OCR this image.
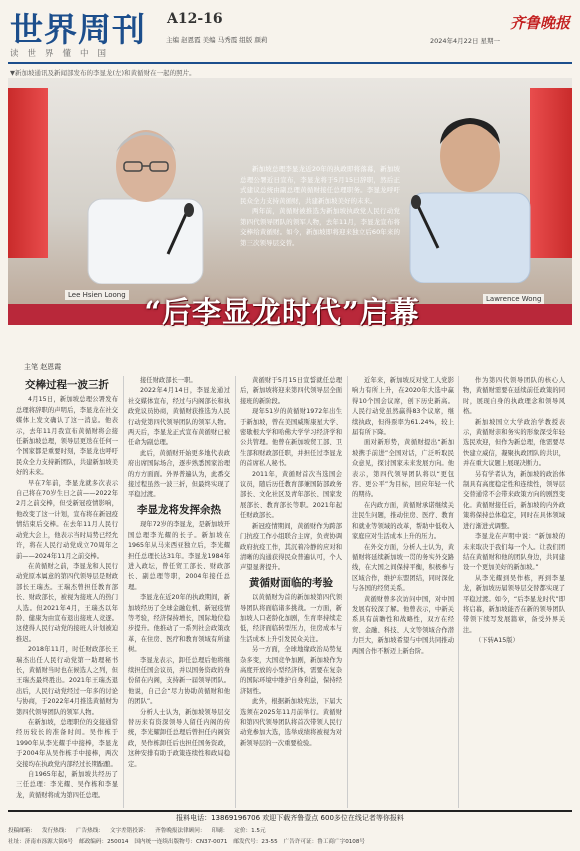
世界周刊
读世界懂中国
A12-16
主编 赵恩霞 美编 马秀霞 组版 颜莉
齐鲁晚报
2024年4月22日 星期一
▼新加坡通讯及新闻部发布的李显龙(左)和黄循财在一起的照片。
Lee Hsien Loong	Lawrence Wong
新加坡总理李显龙近20年的执政即将落幕，新加坡总理公署近日宣布，李显龙将于5月15日辞职，然后正式建议总统由副总理黄循财接任总理职务。李显龙呼吁民众全力支持黄循财，共建新加坡美好的未来。
两年前，黄循财被推选为新加坡执政党人民行动党第四代领导团队的领军人物，去年11月，李显龙宣布将交棒给黄循财。如今，新加坡即将迎来独立后60年来的第三次领导层交替。
“后李显龙时代”启幕
主笔 赵恩霞
交棒过程一波三折

4月15日，新加坡总理公署发布总理将辞职的声明后，李显龙在社交媒体上发文确认了这一消息。他表示，去年11月我宣布黄循财将会接任新加坡总理，领导层更迭在任何一个国家都是重要时刻，李显龙也呼吁民众全力支持新团队，共建新加坡美好的未来。

早在7年前，李显龙就多次表示自己将在70岁生日之前——2022年2月之前交棒，但受新冠疫情影响，他改变了这一计划，宣布将在新冠疫情结束后交棒。在去年11月人民行动党大会上，他表示当时局势已经允许，将在人民行动党成立70周年之前——2024年11月之前交棒。

在黄循财之前，李显龙和人民行动党原本属意的第四代领导层是财政部长王瑞杰。王瑞杰曾担任教育部长、财政部长，被视为接班人的热门人选。但2021年4月，王瑞杰以年龄、健康为由宣布退出接班人竞逐。这使得人民行动党的接班人计划被迫推迟。

2018年11月，时任财政部长王瑞杰出任人民行动党第一助理秘书长，黄循财当时也在候选人之列，但王瑞杰最终胜出。2021年王瑞杰退出后，人民行动党经过一年多的讨论与协商，于2022年4月推选黄循财为第四代领导团队的领军人物。

在新加坡，总理职位的交接通常经历较长的准备时间。吴作栋于1990年从李光耀手中接棒，李显龙于2004年从吴作栋手中接棒，两次交接均在执政党内部经过长期酝酿。

自1965年起，新加坡共经历了三任总理：李光耀、吴作栋和李显龙，黄循财将成为第四任总理。

接任财政部长一职。

2022年4月14日，李显龙通过社交媒体宣布，经过与内阁部长和执政党议员协商，黄循财获推选为人民行动党第四代领导团队的领军人物。两天后，李显龙正式宣布黄循财已被任命为副总理。

此后，黄循财开始更多地代表政府出席国际场合，逐步熟悉国家治理的方方面面。外界普遍认为，此番交接过程虽然一波三折，但最终实现了平稳过渡。

李显龙将发挥余热

现年72岁的李显龙，是新加坡开国总理李光耀的长子。新加坡在1965年从马来西亚独立后，李光耀担任总理长达31年。李显龙1984年进入政坛，曾任贸工部长、财政部长、副总理等职，2004年接任总理。

李显龙在近20年的执政期间，新加坡经历了全球金融危机、新冠疫情等考验，经济保持增长，国际地位稳步提升。他推动了一系列社会政策改革，在住房、医疗和教育领域有所建树。

李显龙表示，卸任总理后他将继续担任国会议员，并以国务资政的身份留在内阁，支持新一届领导团队。他说，自己会“尽力协助黄循财和他的团队”。

分析人士认为，新加坡领导层交替历来有资深领导人留任内阁的传统，李光耀卸任总理后曾担任内阁资政，吴作栋卸任后也担任国务资政，这种安排有助于政策连续性和政局稳定。

黄循财于5月15日宣誓就任总理后，新加坡将迎来第四代领导层全面接班的新阶段。

现年51岁的黄循财1972年出生于新加坡，曾在美国威斯康星大学、密歇根大学和哈佛大学学习经济学和公共管理。他曾在新加坡贸工部、卫生部和财政部任职，并担任过李显龙的首席私人秘书。

2011年，黄循财首次当选国会议员，随后历任教育部兼国防部政务部长、文化社区及青年部长、国家发展部长、教育部长等职。2021年起任财政部长。

新冠疫情期间，黄循财作为跨部门抗疫工作小组联合主席，负责协调政府抗疫工作，其沉着冷静的应对和清晰的沟通获得民众普遍认可，个人声望显著提升。

黄循财面临的考验

以黄循财为首的新加坡第四代领导团队将面临诸多挑战。一方面，新加坡人口老龄化加剧，生育率持续走低，经济面临转型压力，住房成本与生活成本上升引发民众关注。

另一方面，全球地缘政治局势复杂多变，大国竞争加剧，新加坡作为高度开放的小型经济体，需要在复杂的国际环境中维护自身利益，保持经济韧性。

此外，根据新加坡宪法，下届大选须在2025年11月前举行。黄循财和第四代领导团队将首次带领人民行动党参加大选，选举成绩将被视为对新领导层的一次重要检验。

近年来，新加坡反对党工人党影响力有所上升，在2020年大选中赢得10个国会议席，创下历史新高。人民行动党虽然赢得83个议席，继续执政，但得票率为61.24%，较上届有所下降。

面对新形势，黄循财提出“新加坡携手前进”全国对话，广泛听取民众意见，探讨国家未来发展方向。他表示，第四代领导团队将以“更包容、更公平”为目标，回应年轻一代的期待。

在内政方面，黄循财承诺继续关注民生问题，推动住房、医疗、教育和就业等领域的改革，帮助中低收入家庭应对生活成本上升的压力。

在外交方面，分析人士认为，黄循财将延续新加坡一贯的务实外交路线，在大国之间保持平衡，积极参与区域合作，维护东盟团结，同时深化与各国的经贸关系。

黄循财曾多次访问中国，对中国发展有较深了解。他曾表示，中新关系具有前瞻性和战略性，双方在经贸、金融、科技、人文等领域合作潜力巨大，新加坡希望与中国共同推动两国合作不断迈上新台阶。

作为第四代领导团队的核心人物，黄循财需要在延续前任政策的同时，展现自身的执政理念和领导风格。

新加坡国立大学政治学教授表示，黄循财亲和务实的形象深受年轻选民欢迎，但作为新总理，他需要尽快建立威信，凝聚执政团队的共识，并在重大议题上展现决断力。

另有学者认为，新加坡的政治体制具有高度稳定性和连续性，领导层交替通常不会带来政策方向的剧烈变化。黄循财接任后，新加坡的内外政策将保持总体稳定，同时在具体领域进行渐进式调整。

李显龙在声明中说：“新加坡的未来取决于我们每一个人。让我们团结在黄循财和他的团队身边，共同建设一个更加美好的新加坡。”

从李光耀到吴作栋，再到李显龙，新加坡历届领导层交替都实现了平稳过渡。如今，“后李显龙时代”即将启幕，新加坡能否在新的领导团队带领下续写发展篇章，备受外界关注。

（下转A15版）

报料电话：13869196706 欢迎下载齐鲁壹点 600多位在线记者等你报料
投稿邮箱： 发行热线： 广告热线： 文字差错投诉： 齐鲁晚报法律顾问： 印刷： 定价：1.5元
社址：济南市泺源大街6号 邮政编码：250014 国内统一连续出版物号：CN37-0071 邮发代号：23-55 广告许可证：鲁工商广字0108号
